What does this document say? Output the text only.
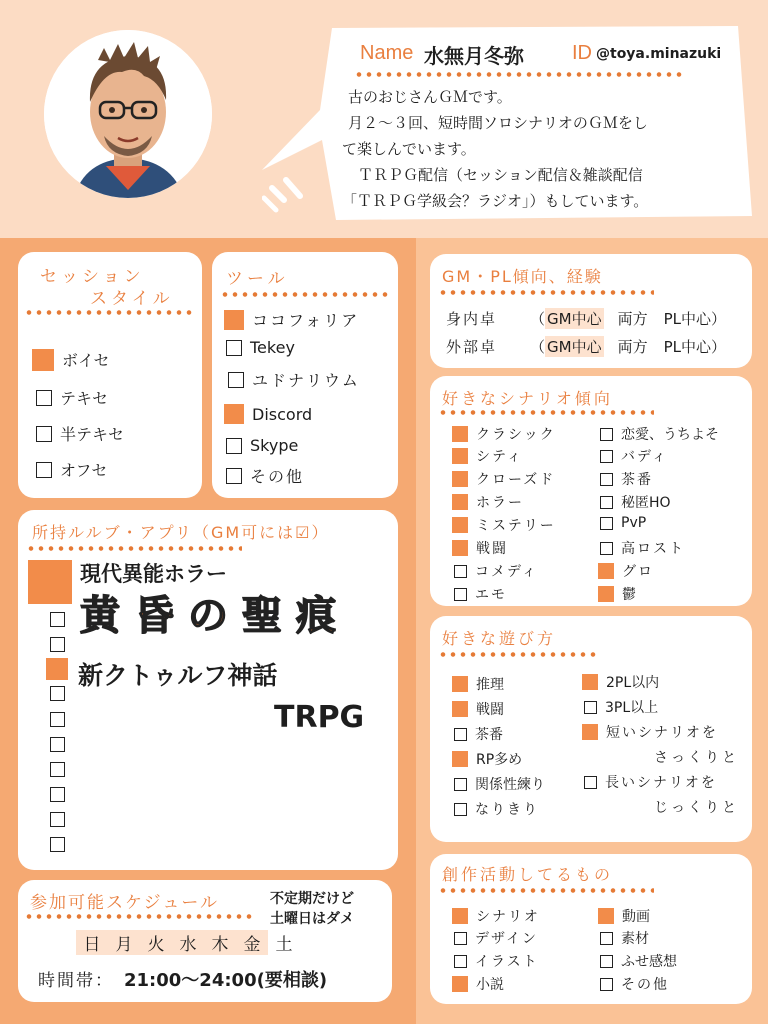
Name 水無月冬弥 ID @toya.minazuki
古のおじさんＧＭです。
月２～３回、短時間ソロシナリオのＧＭをし
て楽しんでいます。
ＴＲＰＧ配信（セッション配信＆雑談配信
「ＴＲＰＧ学級会？ラジオ」）もしています。
セッション
スタイル
ボイセ
テキセ
半テキセ
オフセ
ツール
ココフォリア
Tekey
ユドナリウム
Discord
Skype
その他
所持ルルブ・アプリ（GM可には☑）
現代異能ホラー
黄昏の聖痕
新クトゥルフ神話
TRPG
参加可能スケジュール	不定期だけど
土曜日はダメ
日 月 火 水 木 金 土
時間帯： 21:00～24:00(要相談)
GM・PL傾向、経験
身内卓	（ GM中心 両方 PL中心 ）
外部卓	（ GM中心 両方 PL中心 ）
好きなシナリオ傾向
クラシック
シティ
クローズド
ホラー
ミステリー
戦闘
コメディ
エモ
恋愛、うちよそ
バディ
茶番
秘匿HO
PvP
高ロスト
グロ
鬱
好きな遊び方
推理
戦闘
茶番
RP多め
関係性練り
なりきり
2PL以内
3PL以上
短いシナリオを
さっくりと
長いシナリオを
じっくりと
創作活動してるもの
シナリオ
デザイン
イラスト
小説
動画
素材
ふせ感想
その他
